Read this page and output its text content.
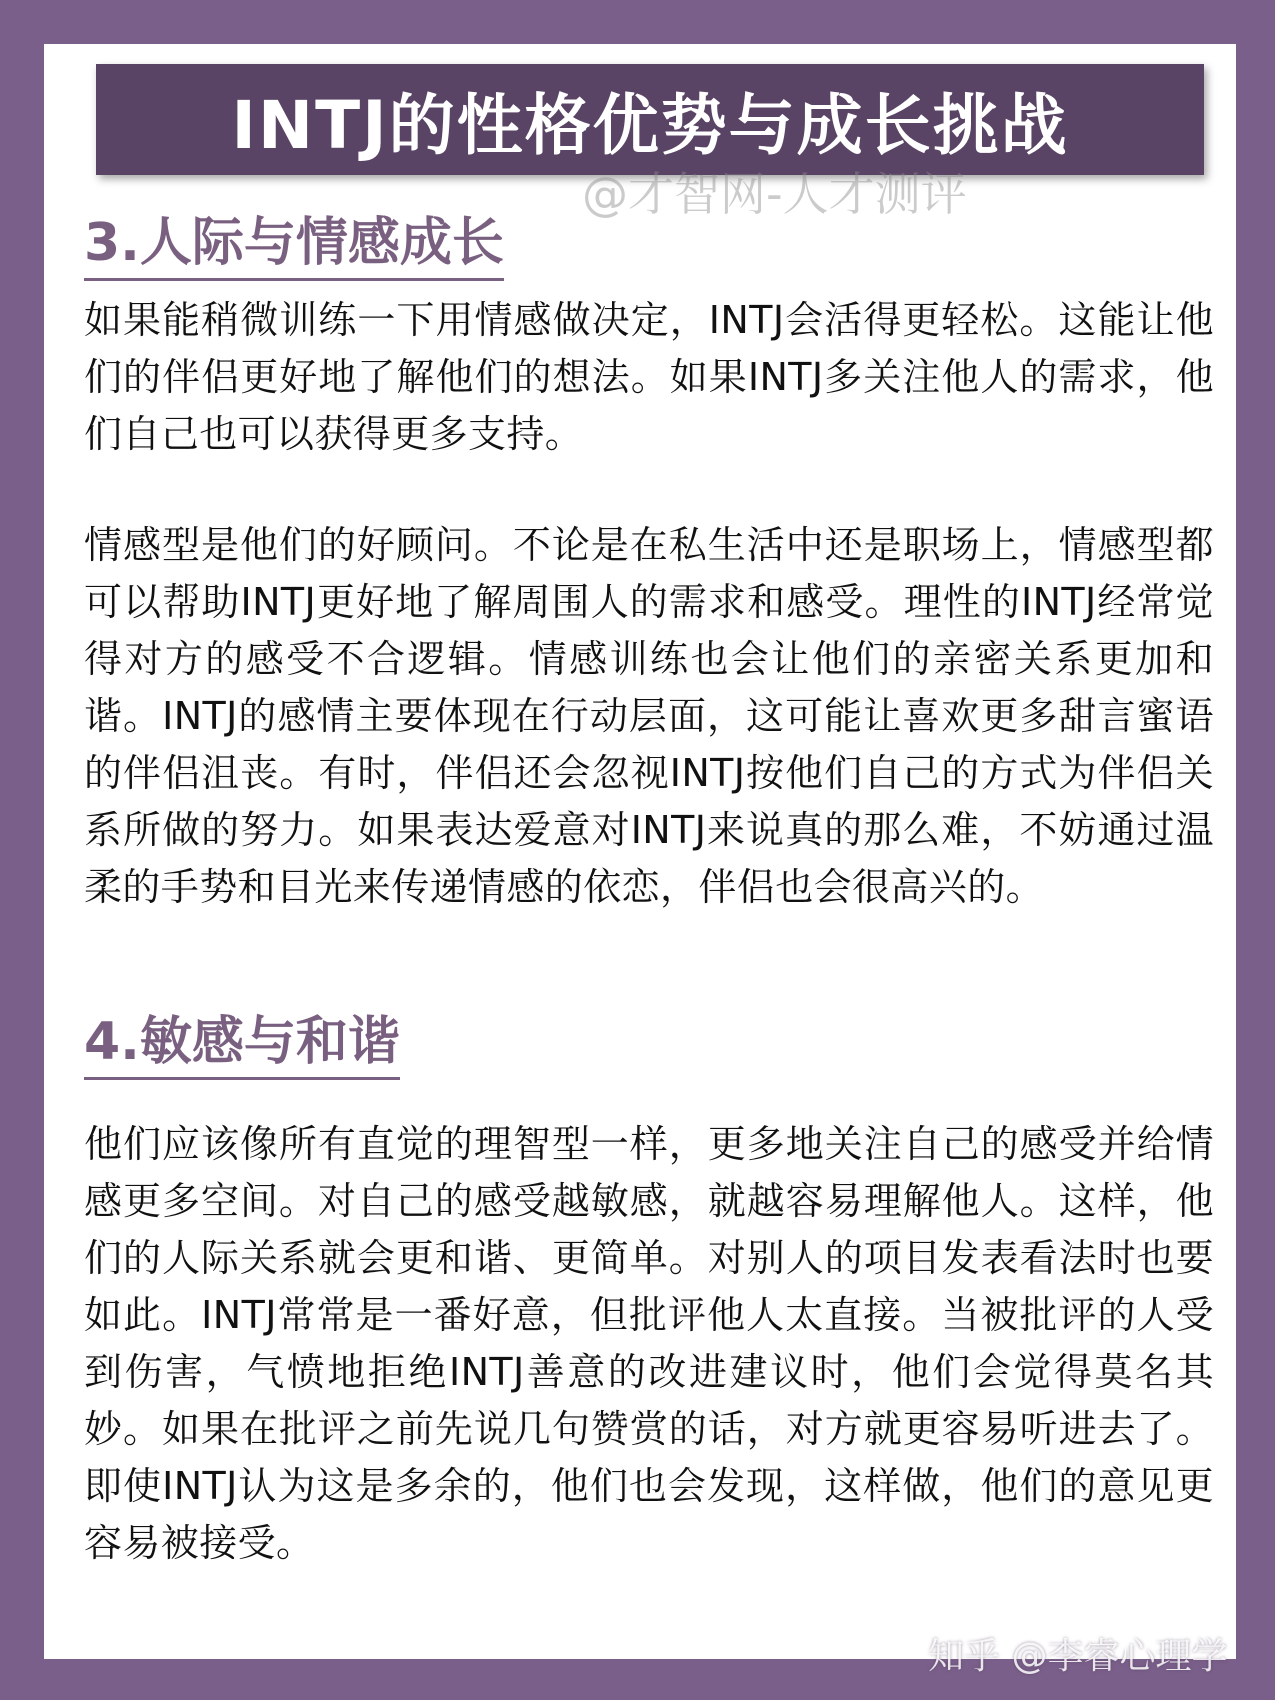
INTJ的性格优势与成长挑战
@才智网-人才测评
3.人际与情感成长

如果能稍微训练一下用情感做决定，INTJ会活得更轻松。这能让他们的伴侣更好地了解他们的想法。如果INTJ多关注他人的需求，他们自己也可以获得更多支持。

情感型是他们的好顾问。不论是在私生活中还是职场上，情感型都可以帮助INTJ更好地了解周围人的需求和感受。理性的INTJ经常觉得对方的感受不合逻辑。情感训练也会让他们的亲密关系更加和谐。INTJ的感情主要体现在行动层面，这可能让喜欢更多甜言蜜语的伴侣沮丧。有时，伴侣还会忽视INTJ按他们自己的方式为伴侣关系所做的努力。如果表达爱意对INTJ来说真的那么难，不妨通过温柔的手势和目光来传递情感的依恋，伴侣也会很高兴的。

4.敏感与和谐

他们应该像所有直觉的理智型一样，更多地关注自己的感受并给情感更多空间。对自己的感受越敏感，就越容易理解他人。这样，他们的人际关系就会更和谐、更简单。对别人的项目发表看法时也要如此。INTJ常常是一番好意，但批评他人太直接。当被批评的人受到伤害，气愤地拒绝INTJ善意的改进建议时，他们会觉得莫名其妙。如果在批评之前先说几句赞赏的话，对方就更容易听进去了。即使INTJ认为这是多余的，他们也会发现，这样做，他们的意见更容易被接受。

知乎 @李睿心理学
